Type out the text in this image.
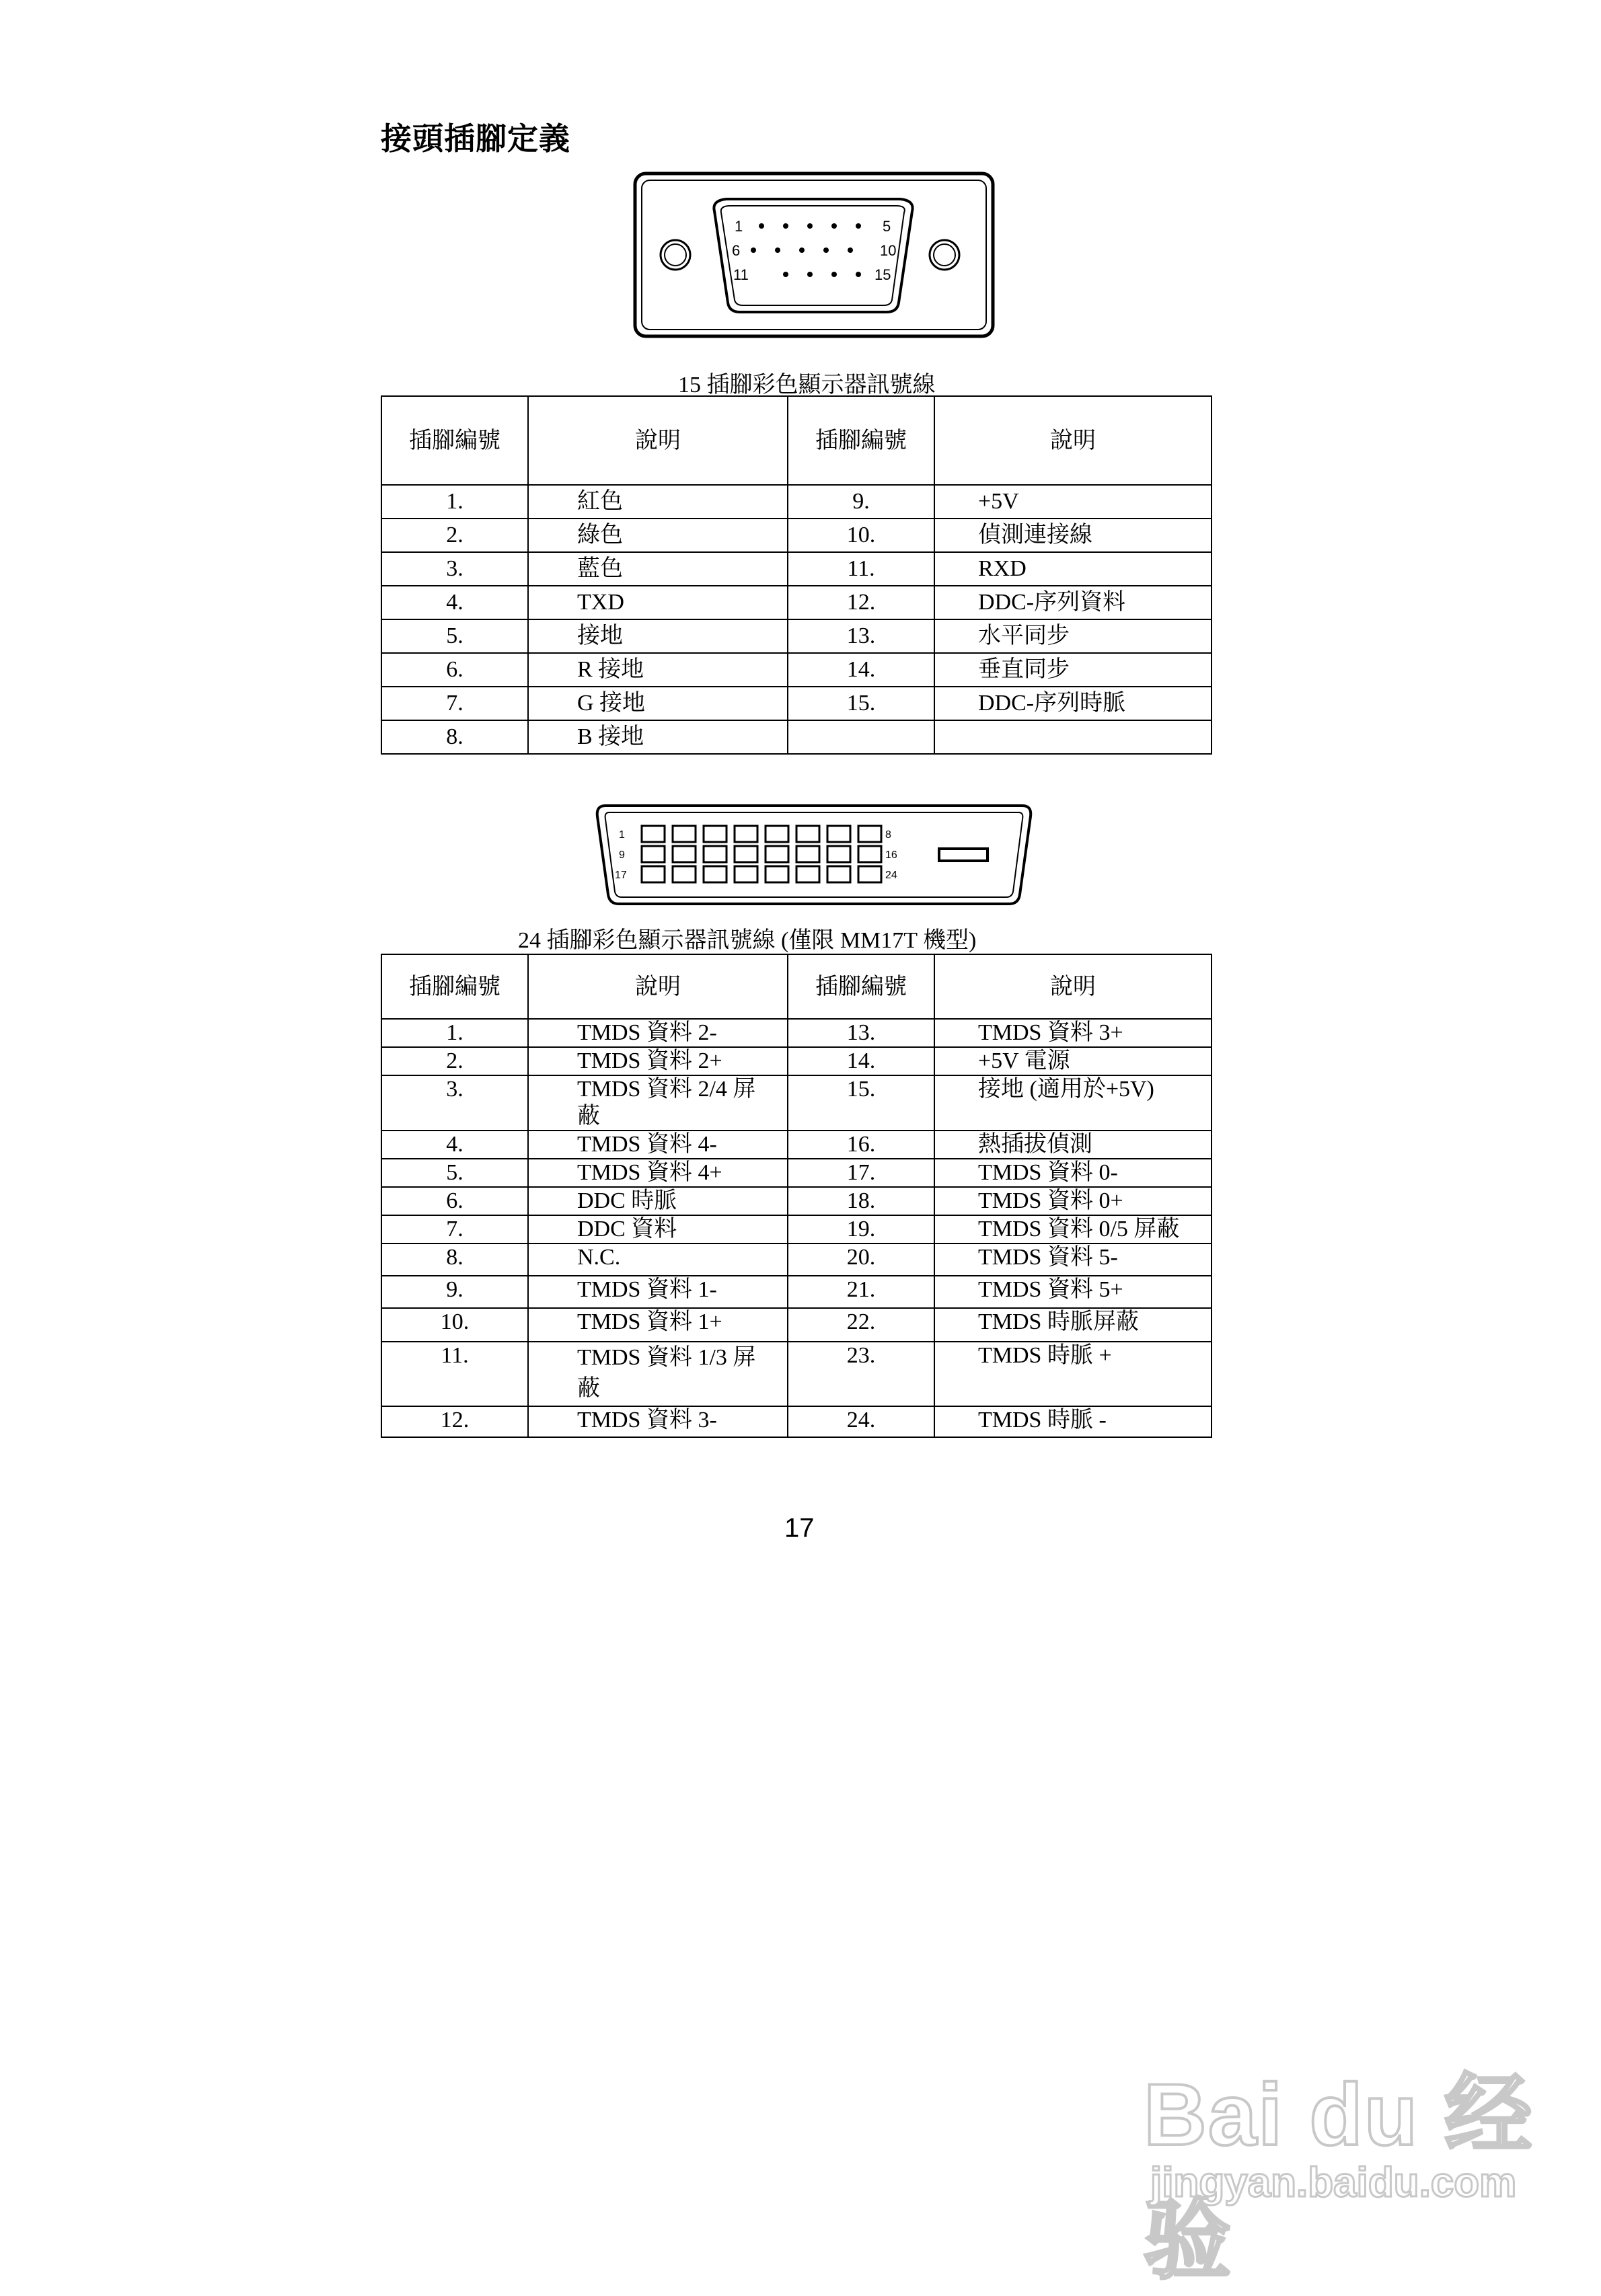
接頭插腳定義
1	5
6	10
11	15
15 插腳彩色顯示器訊號線
插腳編號	說明	插腳編號	說明
1.	紅色	9.	+5V
2.	綠色	10.	偵測連接線
3.	藍色	11.	RXD
4.	TXD	12.	DDC-序列資料
5.	接地	13.	水平同步
6.	R 接地	14.	垂直同步
7.	G 接地	15.	DDC-序列時脈
8.	B 接地		
1	8
9	16
17	24
24 插腳彩色顯示器訊號線 (僅限 MM17T 機型)
插腳編號	說明	插腳編號	說明
1.	TMDS 資料 2-	13.	TMDS 資料 3+
2.	TMDS 資料 2+	14.	+5V 電源
3.	TMDS 資料 2/4 屏蔽	15.	接地 (適用於+5V)
4.	TMDS 資料 4-	16.	熱插拔偵測
5.	TMDS 資料 4+	17.	TMDS 資料 0-
6.	DDC 時脈	18.	TMDS 資料 0+
7.	DDC 資料	19.	TMDS 資料 0/5 屏蔽
8.	N.C.	20.	TMDS 資料 5-
9.	TMDS 資料 1-	21.	TMDS 資料 5+
10.	TMDS 資料 1+	22.	TMDS 時脈屏蔽
11.	TMDS 資料 1/3 屏蔽	23.	TMDS 時脈 +
12.	TMDS 資料 3-	24.	TMDS 時脈 -
17
Bai du 经验
jingyan.baidu.com
